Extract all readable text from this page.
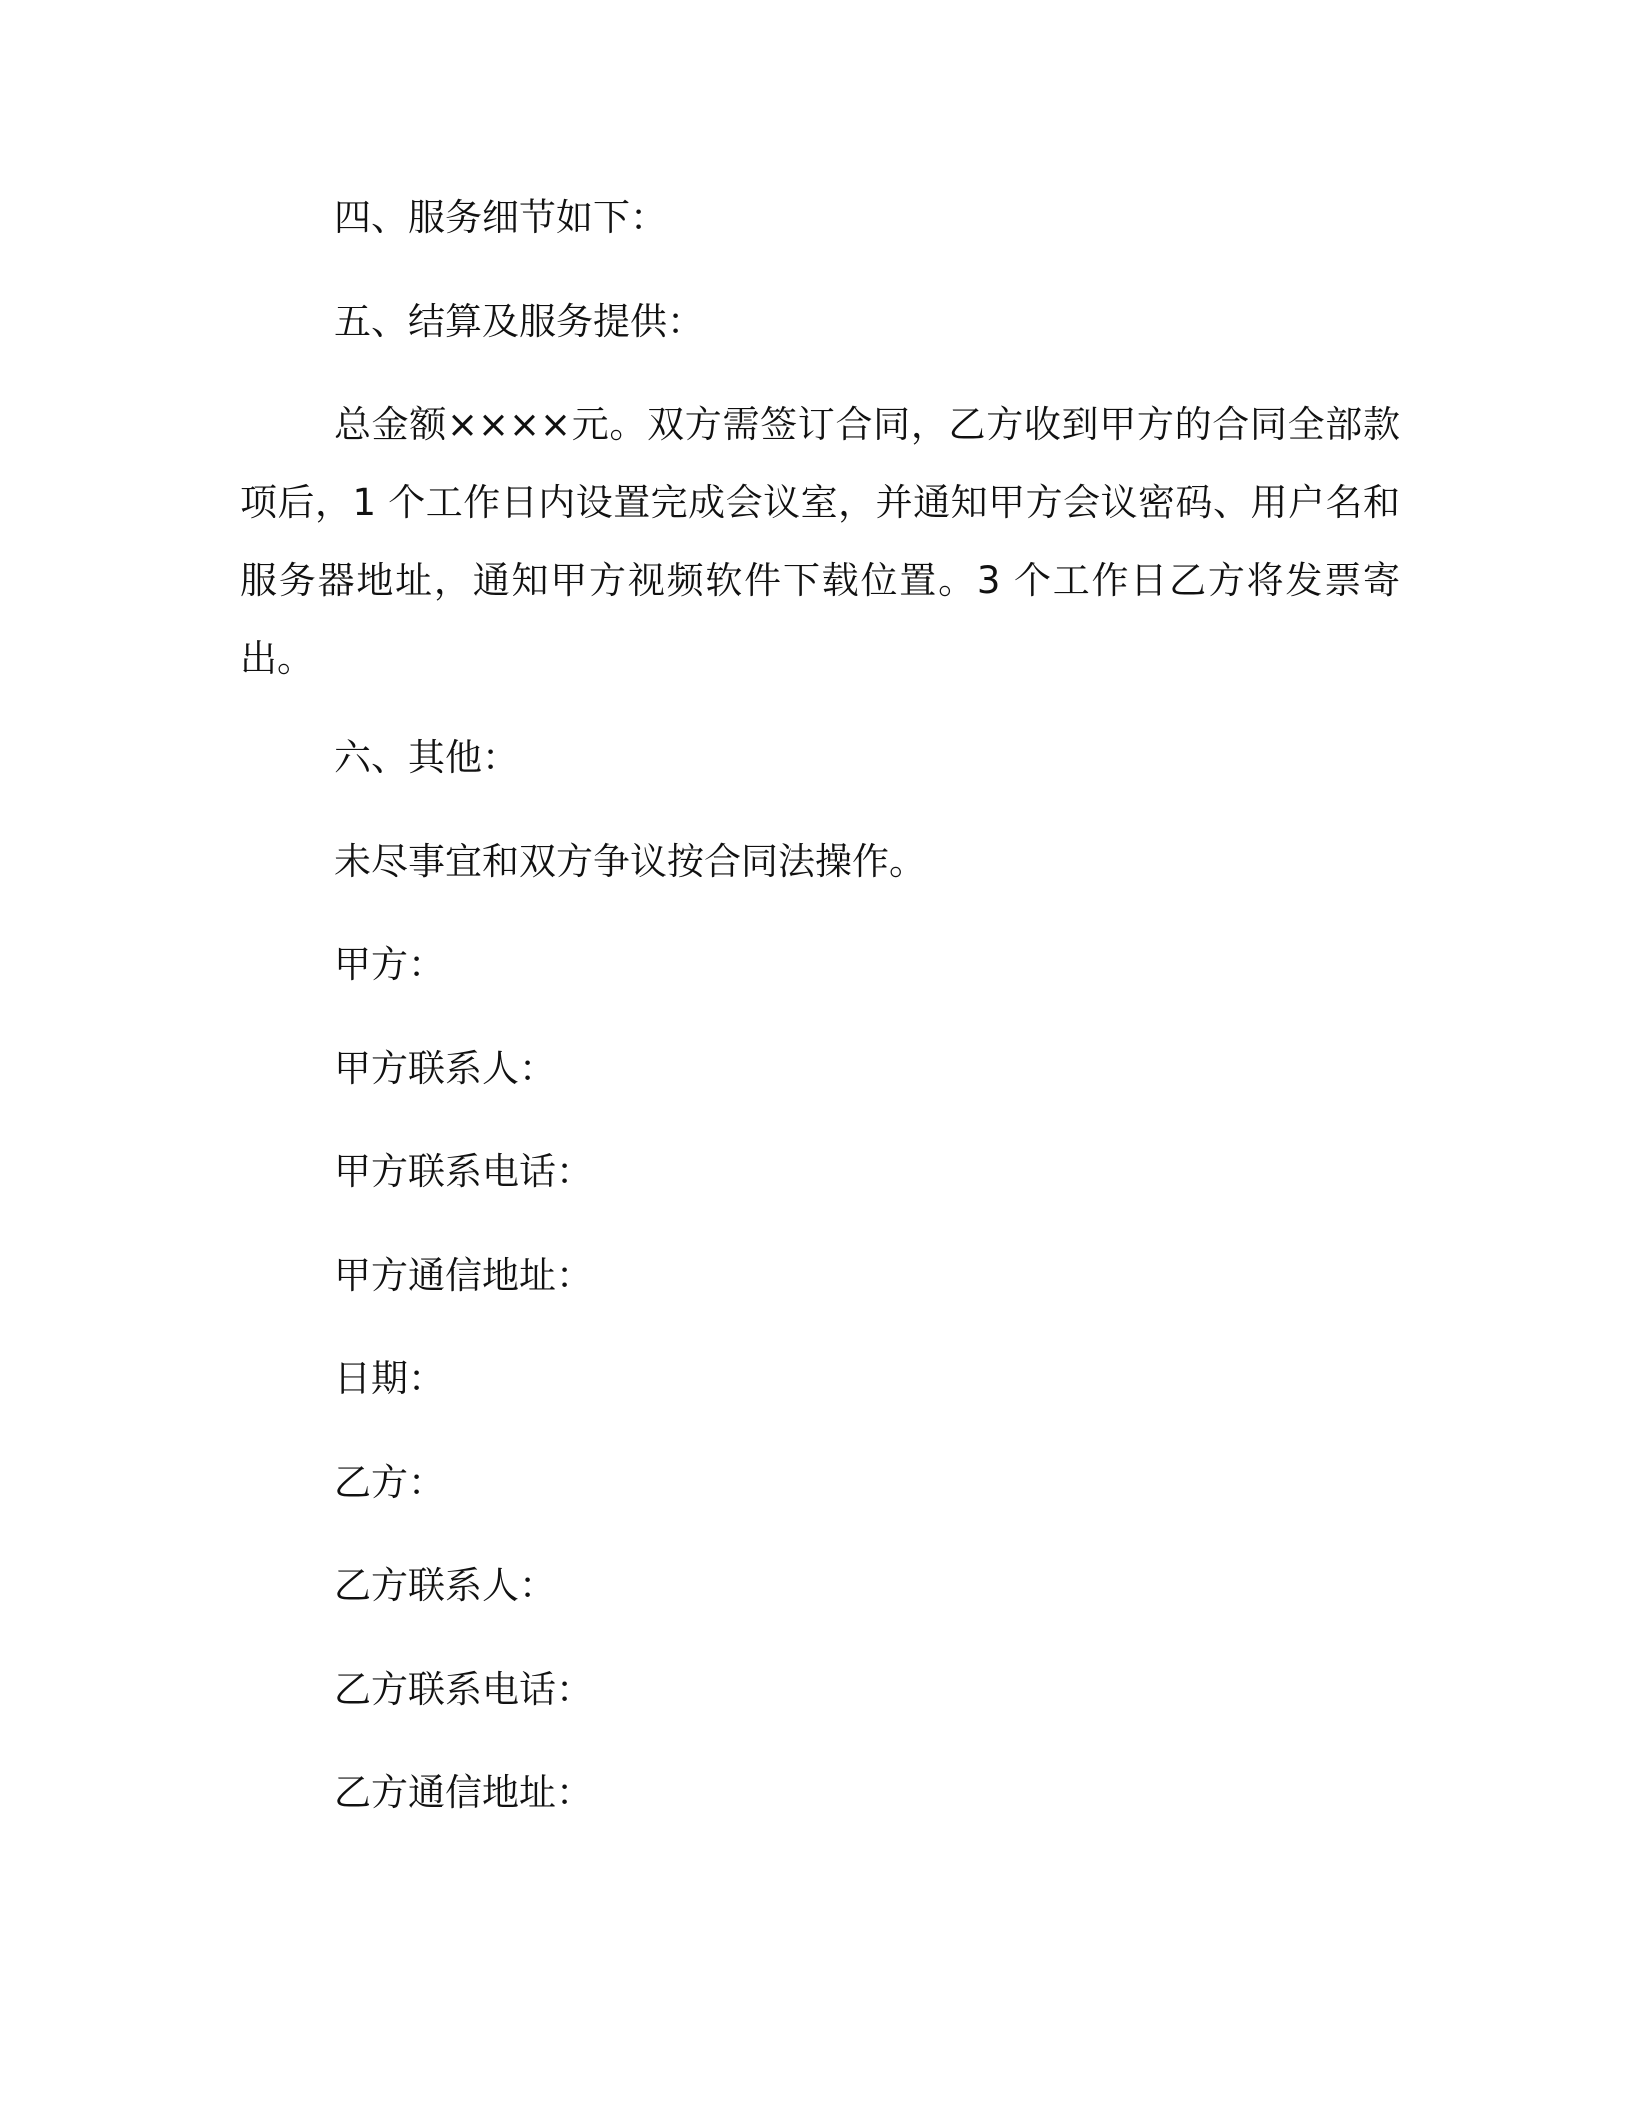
四、服务细节如下：

五、结算及服务提供：

总金额××××元。双方需签订合同，乙方收到甲方的合同全部款项后，1 个工作日内设置完成会议室，并通知甲方会议密码、用户名和服务器地址，通知甲方视频软件下载位置。3 个工作日乙方将发票寄出。

六、其他：

未尽事宜和双方争议按合同法操作。

甲方：

甲方联系人：

甲方联系电话：

甲方通信地址：

日期：

乙方：

乙方联系人：

乙方联系电话：

乙方通信地址：
